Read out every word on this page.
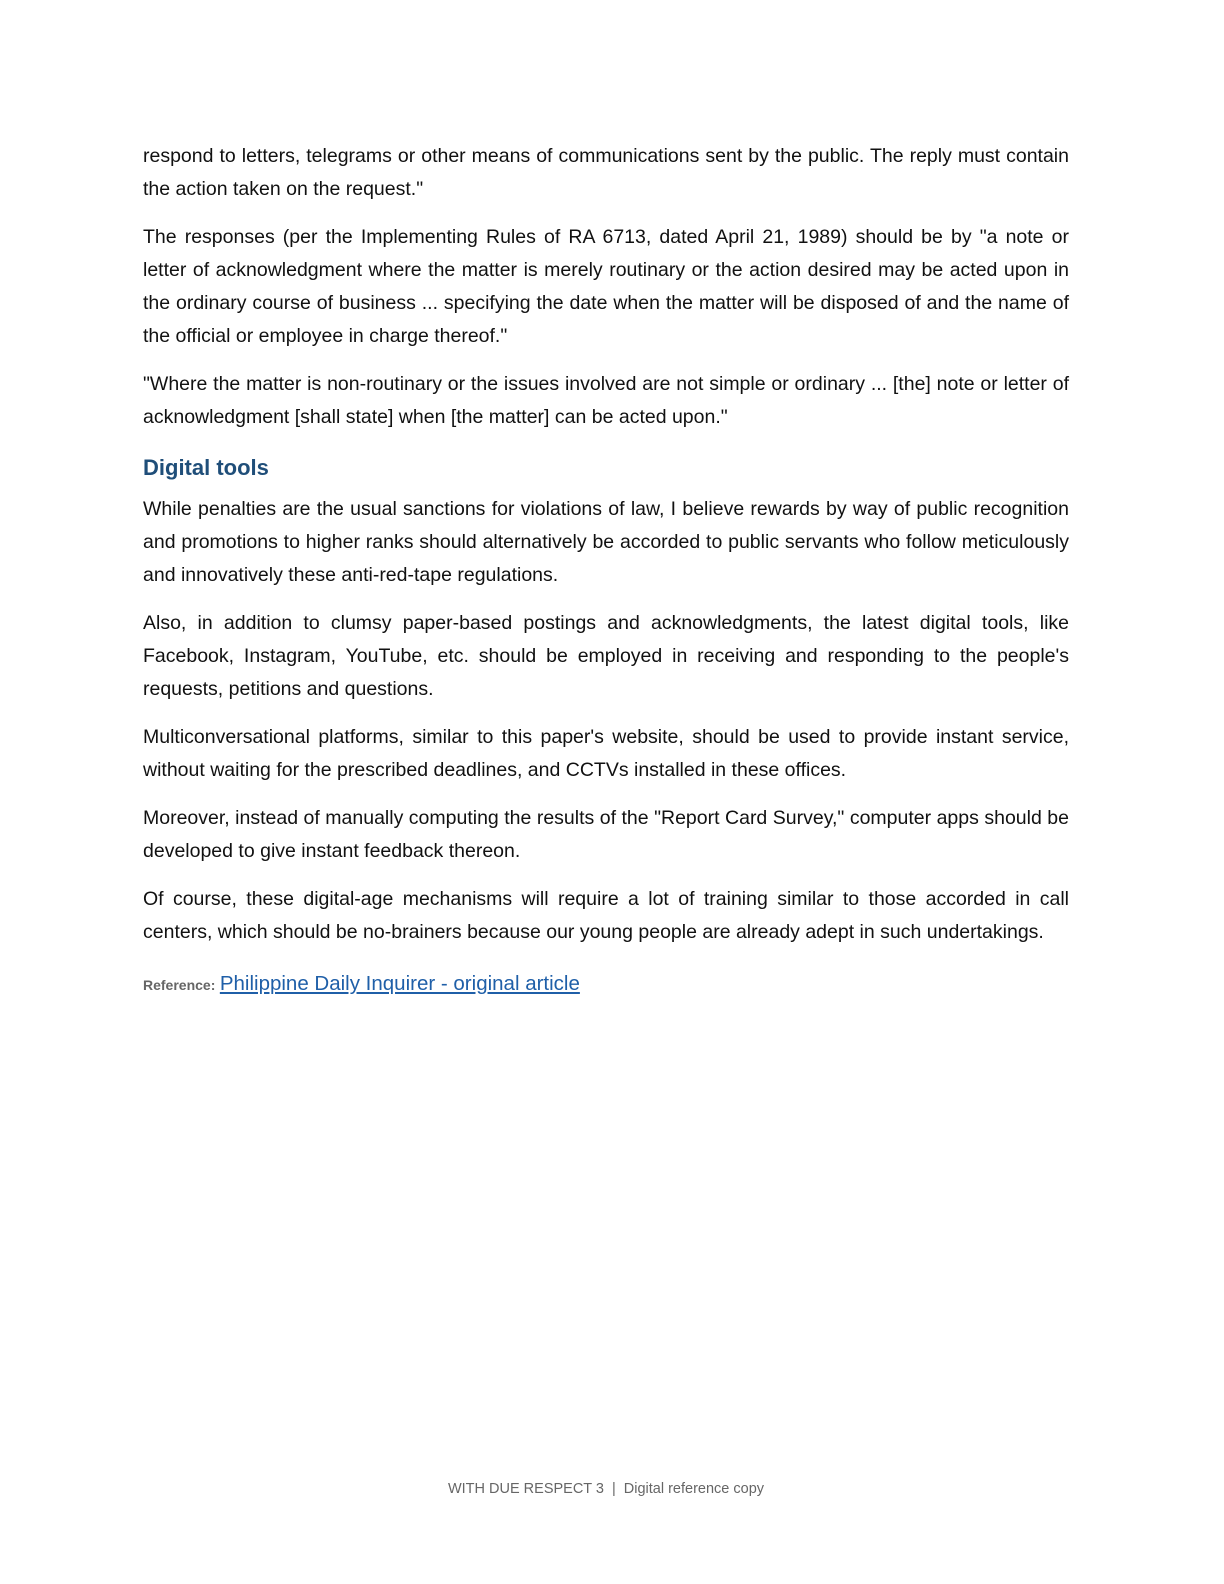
respond to letters, telegrams or other means of communications sent by the public. The reply must contain the action taken on the request."

The responses (per the Implementing Rules of RA 6713, dated April 21, 1989) should be by "a note or letter of acknowledgment where the matter is merely routinary or the action desired may be acted upon in the ordinary course of business ... specifying the date when the matter will be disposed of and the name of the official or employee in charge thereof."

"Where the matter is non-routinary or the issues involved are not simple or ordinary ... [the] note or letter of acknowledgment [shall state] when [the matter] can be acted upon."

Digital tools

While penalties are the usual sanctions for violations of law, I believe rewards by way of public recognition and promotions to higher ranks should alternatively be accorded to public servants who follow meticulously and innovatively these anti-red-tape regulations.

Also, in addition to clumsy paper-based postings and acknowledgments, the latest digital tools, like Facebook, Instagram, YouTube, etc. should be employed in receiving and responding to the people's requests, petitions and questions.

Multiconversational platforms, similar to this paper's website, should be used to provide instant service, without waiting for the prescribed deadlines, and CCTVs installed in these offices.

Moreover, instead of manually computing the results of the "Report Card Survey," computer apps should be developed to give instant feedback thereon.

Of course, these digital-age mechanisms will require a lot of training similar to those accorded in call centers, which should be no-brainers because our young people are already adept in such undertakings.

Reference: Philippine Daily Inquirer - original article
WITH DUE RESPECT 3 | Digital reference copy
